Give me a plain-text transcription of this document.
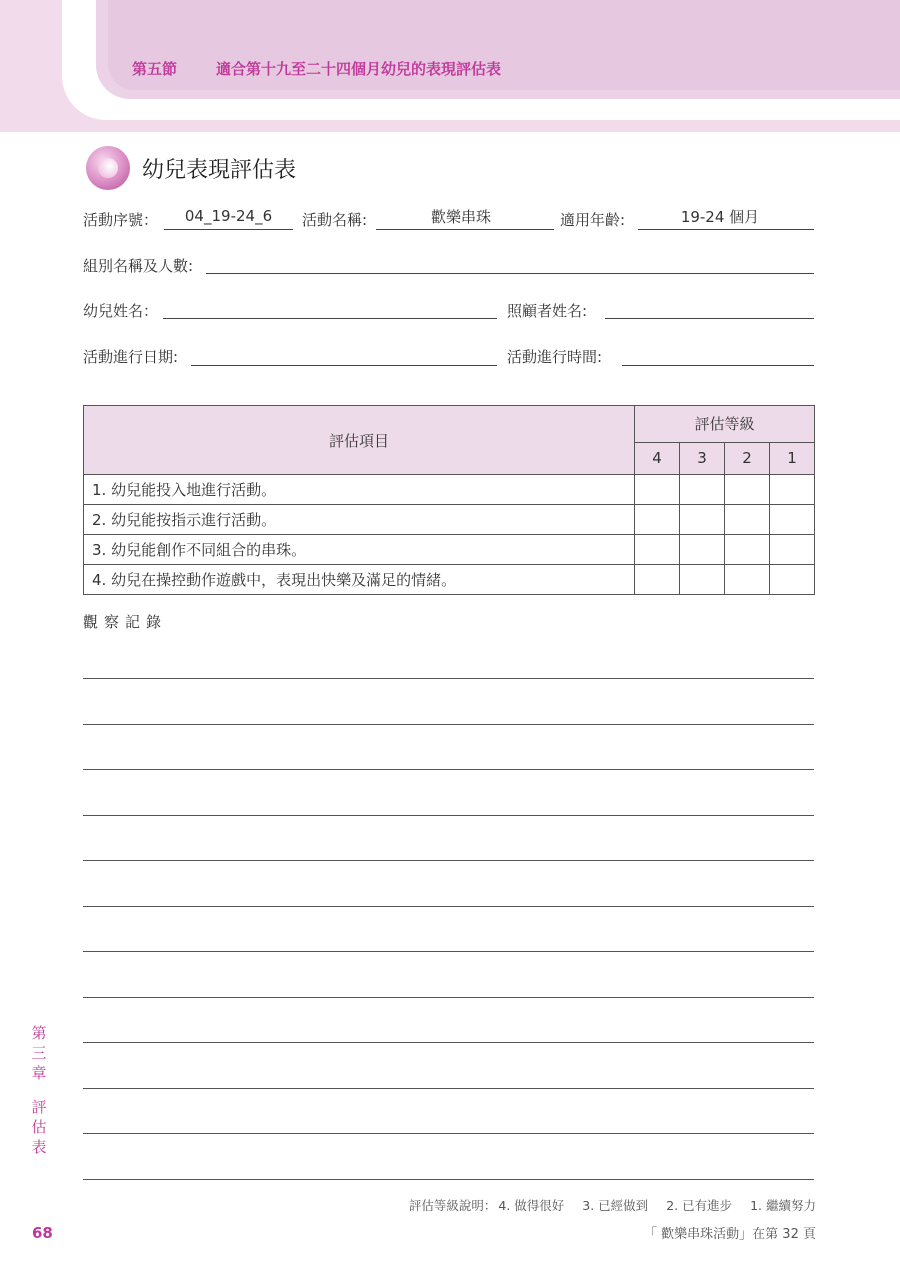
第五節	適合第十九至二十四個月幼兒的表現評估表
幼兒表現評估表
活動序號：	04_19-24_6	活動名稱:	歡樂串珠	適用年齡:	19-24 個月
組別名稱及人數:
幼兒姓名：	照顧者姓名:
活動進行日期:	活動進行時間:
評估項目	評估等級			
	4	3	2	1
1. 幼兒能投入地進行活動。				
2. 幼兒能按指示進行活動。				
3. 幼兒能創作不同組合的串珠。				
4. 幼兒在操控動作遊戲中，表現出快樂及滿足的情緒。				
觀察記錄
第
三
章
評
估
表
68
評估等級說明： 4. 做得很好 3. 已經做到 2. 已有進步 1. 繼續努力
「 歡樂串珠活動」在第 32 頁
